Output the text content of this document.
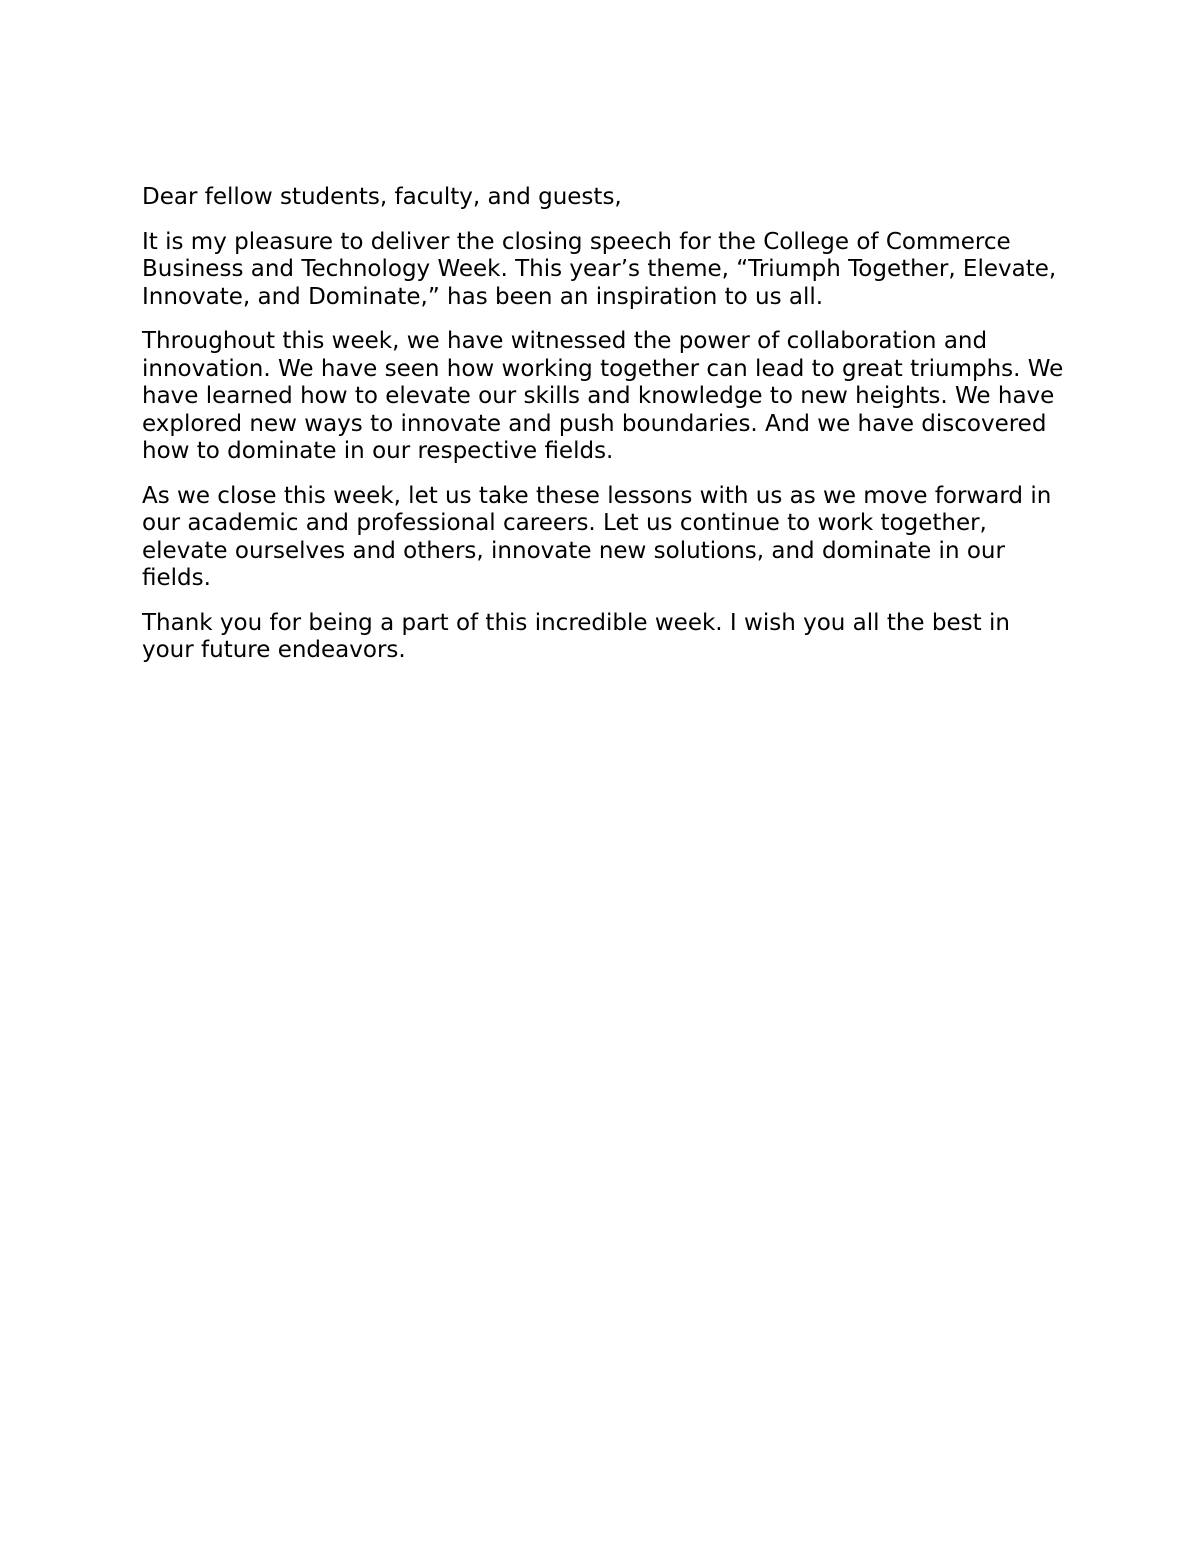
Dear fellow students, faculty, and guests,

It is my pleasure to deliver the closing speech for the College of Commerce Business and Technology Week. This year’s theme, “Triumph Together, Elevate, Innovate, and Dominate,” has been an inspiration to us all.

Throughout this week, we have witnessed the power of collaboration and innovation. We have seen how working together can lead to great triumphs. We have learned how to elevate our skills and knowledge to new heights. We have explored new ways to innovate and push boundaries. And we have discovered how to dominate in our respective fields.

As we close this week, let us take these lessons with us as we move forward in our academic and professional careers. Let us continue to work together, elevate ourselves and others, innovate new solutions, and dominate in our fields.

Thank you for being a part of this incredible week. I wish you all the best in your future endeavors.
